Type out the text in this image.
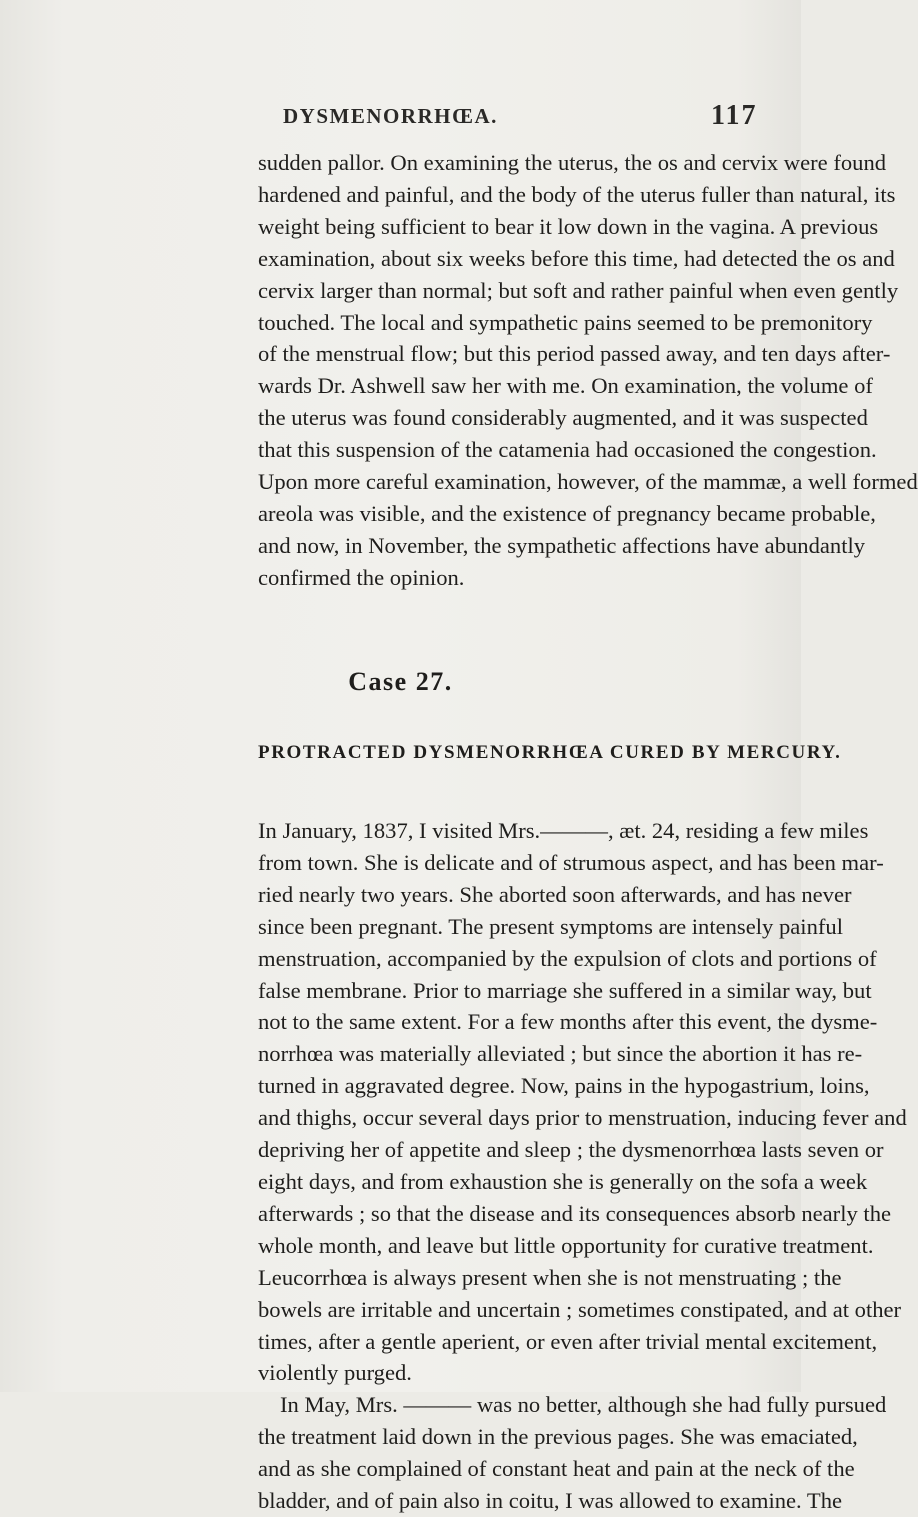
DYSMENORRHŒA.	117

sudden pallor. On examining the uterus, the os and cervix were found
hardened and painful, and the body of the uterus fuller than natural, its
weight being sufficient to bear it low down in the vagina. A previous
examination, about six weeks before this time, had detected the os and
cervix larger than normal; but soft and rather painful when even gently
touched. The local and sympathetic pains seemed to be premonitory
of the menstrual flow; but this period passed away, and ten days after-
wards Dr. Ashwell saw her with me. On examination, the volume of
the uterus was found considerably augmented, and it was suspected
that this suspension of the catamenia had occasioned the congestion.
Upon more careful examination, however, of the mammæ, a well formed
areola was visible, and the existence of pregnancy became probable,
and now, in November, the sympathetic affections have abundantly
confirmed the opinion.

Case 27.
PROTRACTED DYSMENORRHŒA CURED BY MERCURY.

In January, 1837, I visited Mrs.———, æt. 24, residing a few miles
from town. She is delicate and of strumous aspect, and has been mar-
ried nearly two years. She aborted soon afterwards, and has never
since been pregnant. The present symptoms are intensely painful
menstruation, accompanied by the expulsion of clots and portions of
false membrane. Prior to marriage she suffered in a similar way, but
not to the same extent. For a few months after this event, the dysme-
norrhœa was materially alleviated ; but since the abortion it has re-
turned in aggravated degree. Now, pains in the hypogastrium, loins,
and thighs, occur several days prior to menstruation, inducing fever and
depriving her of appetite and sleep ; the dysmenorrhœa lasts seven or
eight days, and from exhaustion she is generally on the sofa a week
afterwards ; so that the disease and its consequences absorb nearly the
whole month, and leave but little opportunity for curative treatment.
Leucorrhœa is always present when she is not menstruating ; the
bowels are irritable and uncertain ; sometimes constipated, and at other
times, after a gentle aperient, or even after trivial mental excitement,
violently purged.

In May, Mrs. ——— was no better, although she had fully pursued
the treatment laid down in the previous pages. She was emaciated,
and as she complained of constant heat and pain at the neck of the
bladder, and of pain also in coitu, I was allowed to examine. The
